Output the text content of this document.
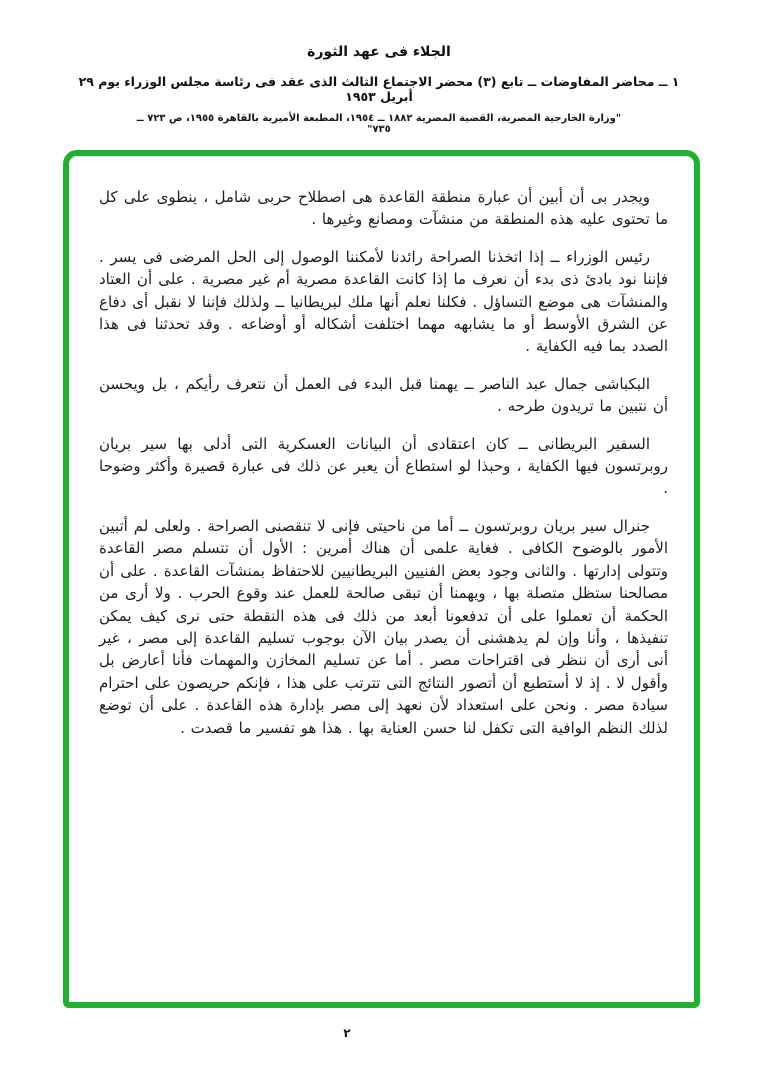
الجلاء فى عهد الثورة
١ ــ محاضر المفاوضات ــ تابع (٣) محضر الاجتماع الثالث الذى عقد فى رئاسة مجلس الوزراء يوم ٢٩ أبريل ١٩٥٣
"وزارة الخارجية المصرية، القضية المصرية ١٨٨٢ ــ ١٩٥٤، المطبعة الأميرية بالقاهرة ١٩٥٥، ص ٧٢٣ ــ ٧٣٥"

ويجدر بى أن أبين أن عبارة منطقة القاعدة هى اصطلاح حربى شامل ، ينطوى على كل ما تحتوى عليه هذه المنطقة من منشآت ومصانع وغيرها .

رئيس الوزراء ــ إذا اتخذنا الصراحة رائدنا لأمكننا الوصول إلى الحل المرضى فى يسر . فإننا نود بادئ ذى بدء أن نعرف ما إذا كانت القاعدة مصرية أم غير مصرية . على أن العتاد والمنشآت هى موضع التساؤل . فكلنا نعلم أنها ملك لبريطانيا ــ ولذلك فإننا لا نقبل أى دفاع عن الشرق الأوسط أو ما يشابهه مهما اختلفت أشكاله أو أوضاعه . وقد تحدثنا فى هذا الصدد بما فيه الكفاية .

البكباشى جمال عبد الناصر ــ يهمنا قبل البدء فى العمل أن نتعرف رأيكم ، بل ويحسن أن نتبين ما تريدون طرحه .

السفير البريطانى ــ كان اعتقادى أن البيانات العسكرية التى أدلى بها سير بريان روبرتسون فيها الكفاية ، وحبذا لو استطاع أن يعبر عن ذلك فى عبارة قصيرة وأكثر وضوحا .

جنرال سير بريان روبرتسون ــ أما من ناحيتى فإنى لا تنقصنى الصراحة . ولعلى لم أتبين الأمور بالوضوح الكافى . فغاية علمى أن هناك أمرين : الأول أن تتسلم مصر القاعدة وتتولى إدارتها . والثانى وجود بعض الفنيين البريطانيين للاحتفاظ بمنشآت القاعدة . على أن مصالحنا ستظل متصلة بها ، ويهمنا أن تبقى صالحة للعمل عند وقوع الحرب . ولا أرى من الحكمة أن تعملوا على أن تدفعونا أبعد من ذلك فى هذه النقطة حتى نرى كيف يمكن تنفيذها ، وأنا وإن لم يدهشنى أن يصدر بيان الآن بوجوب تسليم القاعدة إلى مصر ، غير أنى أرى أن ننظر فى اقتراحات مصر . أما عن تسليم المخازن والمهمات فأنا أعارض بل وأقول لا . إذ لا أستطيع أن أتصور النتائج التى تترتب على هذا ، فإنكم حريصون على احترام سيادة مصر . ونحن على استعداد لأن نعهد إلى مصر بإدارة هذه القاعدة . على أن توضع لذلك النظم الوافية التى تكفل لنا حسن العناية بها . هذا هو تفسير ما قصدت .

٢
